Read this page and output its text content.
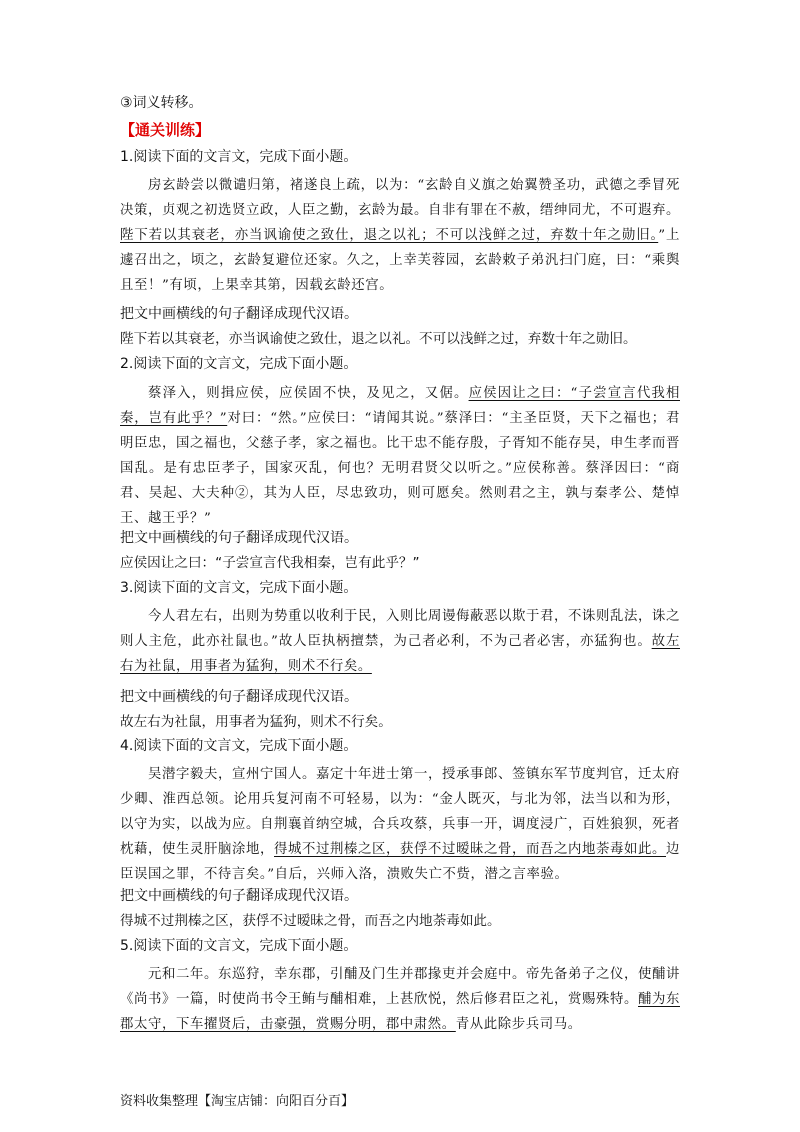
③词义转移。
【通关训练】
1.阅读下面的文言文，完成下面小题。
房玄龄尝以微谴归第，褚遂良上疏，以为：“玄龄自义旗之始翼赞圣功，武德之季冒死决策，贞观之初选贤立政，人臣之勤，玄龄为最。自非有罪在不赦，缙绅同尤，不可遐弃。陛下若以其衰老，亦当讽谕使之致仕，退之以礼；不可以浅鲜之过，弃数十年之勋旧。”上遽召出之，顷之，玄龄复避位还家。久之，上幸芙蓉园，玄龄敕子弟汎扫门庭，曰：“乘舆且至！”有顷，上果幸其第，因载玄龄还宫。
把文中画横线的句子翻译成现代汉语。
陛下若以其衰老，亦当讽谕使之致仕，退之以礼。不可以浅鲜之过，弃数十年之勋旧。
2.阅读下面的文言文，完成下面小题。
蔡泽入，则揖应侯，应侯固不快，及见之，又倨。应侯因让之曰：“子尝宣言代我相秦，岂有此乎？”对曰：“然。”应侯曰：“请闻其说。”蔡泽曰：“主圣臣贤，天下之福也；君明臣忠，国之福也，父慈子孝，家之福也。比干忠不能存殷，子胥知不能存吴，申生孝而晋国乱。是有忠臣孝子，国家灭乱，何也？无明君贤父以听之。”应侯称善。蔡泽因曰：“商君、吴起、大夫种②，其为人臣，尽忠致功，则可愿矣。然则君之主，孰与秦孝公、楚悼王、越王乎？”
把文中画横线的句子翻译成现代汉语。
应侯因让之曰：“子尝宣言代我相秦，岂有此乎？”
3.阅读下面的文言文，完成下面小题。
今人君左右，出则为势重以收利于民，入则比周谩侮蔽恶以欺于君，不诛则乱法，诛之则人主危，此亦社鼠也。”故人臣执柄擅禁，为己者必利，不为己者必害，亦猛狗也。故左右为社鼠，用事者为猛狗，则术不行矣。
把文中画横线的句子翻译成现代汉语。
故左右为社鼠，用事者为猛狗，则术不行矣。
4.阅读下面的文言文，完成下面小题。
吴潜字毅夫，宣州宁国人。嘉定十年进士第一，授承事郎、签镇东军节度判官，迁太府少卿、淮西总领。论用兵复河南不可轻易，以为：“金人既灭，与北为邻，法当以和为形，以守为实，以战为应。自荆襄首纳空城，合兵攻蔡，兵事一开，调度浸广，百姓狼狈，死者枕藉，使生灵肝脑涂地，得城不过荆榛之区，获俘不过暧昧之骨，而吾之内地荼毒如此。边臣误国之罪，不待言矣。”自后，兴师入洛，溃败失亡不赀，潜之言率验。
把文中画横线的句子翻译成现代汉语。
得城不过荆榛之区，获俘不过暧昧之骨，而吾之内地荼毒如此。
5.阅读下面的文言文，完成下面小题。
元和二年。东巡狩，幸东郡，引酺及门生并郡掾吏并会庭中。帝先备弟子之仪，使酺讲《尚书》一篇，时使尚书令王鲔与酺相难，上甚欣悦，然后修君臣之礼，赏赐殊特。酺为东郡太守，下车擢贤后，击豪强，赏赐分明，郡中肃然。青从此除步兵司马。
资料收集整理【淘宝店铺：向阳百分百】
